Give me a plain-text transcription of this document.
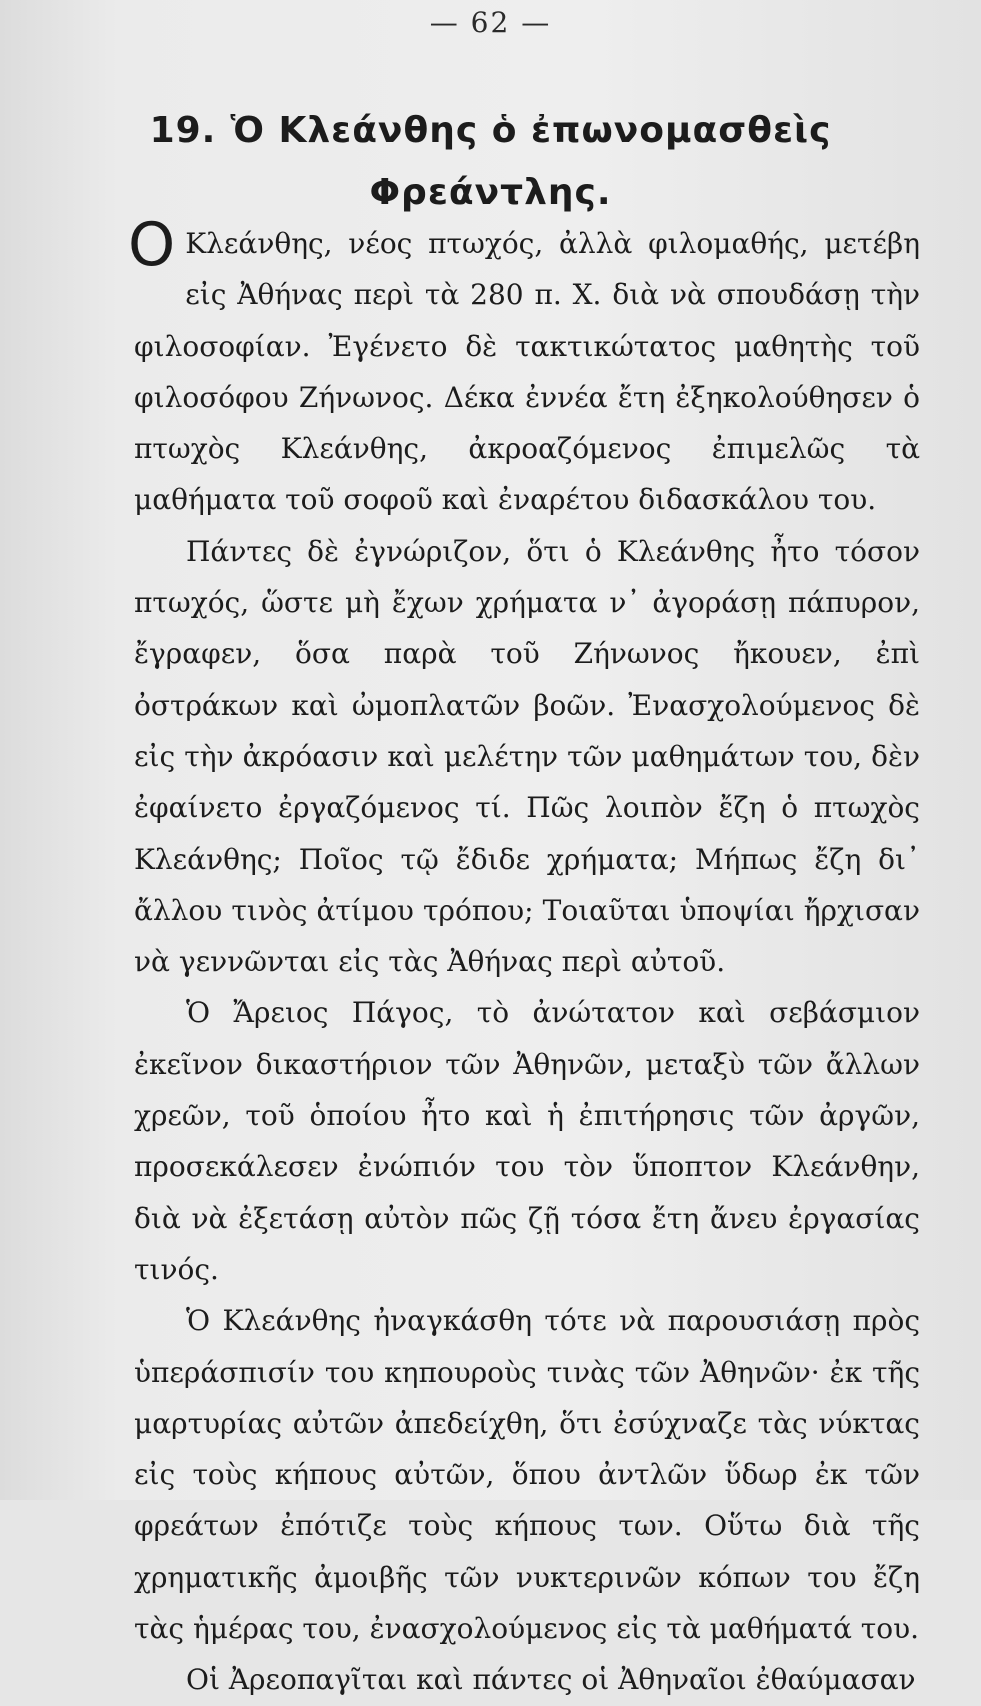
— 62 —
19. Ὁ Κλεάνθης ὁ ἐπωνομασθεὶς
Φρεάντλης.

Ο Κλεάνθης, νέος πτωχός, ἀλλὰ φιλομαθής, μετέβη εἰς Ἀθήνας περὶ τὰ 280 π. Χ. διὰ νὰ σπουδάσῃ τὴν φιλοσοφίαν. Ἐγένετο δὲ τακτικώτατος μαθητὴς τοῦ φιλοσόφου Ζήνωνος. Δέκα ἐννέα ἔτη ἐξηκολούθησεν ὁ πτωχὸς Κλεάνθης, ἀκροαζόμενος ἐπιμελῶς τὰ μαθήματα τοῦ σοφοῦ καὶ ἐναρέτου διδασκάλου του.

Πάντες δὲ ἐγνώριζον, ὅτι ὁ Κλεάνθης ἦτο τόσον πτωχός, ὥστε μὴ ἔχων χρήματα ν᾽ ἀγοράσῃ πάπυρον, ἔγραφεν, ὅσα παρὰ τοῦ Ζήνωνος ἤκουεν, ἐπὶ ὀστράκων καὶ ὠμοπλατῶν βοῶν. Ἐνασχολούμενος δὲ εἰς τὴν ἀκρόασιν καὶ μελέτην τῶν μαθημάτων του, δὲν ἐφαίνετο ἐργαζόμενος τί. Πῶς λοιπὸν ἔζη ὁ πτωχὸς Κλεάνθης; Ποῖος τῷ ἔδιδε χρήματα; Μήπως ἔζη δι᾽ ἄλλου τινὸς ἀτίμου τρόπου; Τοιαῦται ὑποψίαι ἤρχισαν νὰ γεννῶνται εἰς τὰς Ἀθήνας περὶ αὐτοῦ.

Ὁ Ἄρειος Πάγος, τὸ ἀνώτατον καὶ σεβάσμιον ἐκεῖνον δικαστήριον τῶν Ἀθηνῶν, μεταξὺ τῶν ἄλλων χρεῶν, τοῦ ὁποίου ἦτο καὶ ἡ ἐπιτήρησις τῶν ἀργῶν, προσεκάλεσεν ἐνώπιόν του τὸν ὕποπτον Κλεάνθην, διὰ νὰ ἐξετάσῃ αὐτὸν πῶς ζῇ τόσα ἔτη ἄνευ ἐργασίας τινός.

Ὁ Κλεάνθης ἠναγκάσθη τότε νὰ παρουσιάσῃ πρὸς ὑπεράσπισίν του κηπουροὺς τινὰς τῶν Ἀθηνῶν· ἐκ τῆς μαρτυρίας αὐτῶν ἀπεδείχθη, ὅτι ἐσύχναζε τὰς νύκτας εἰς τοὺς κήπους αὐτῶν, ὅπου ἀντλῶν ὕδωρ ἐκ τῶν φρεάτων ἐπότιζε τοὺς κήπους των. Οὕτω διὰ τῆς χρηματικῆς ἀμοιβῆς τῶν νυκτερινῶν κόπων του ἔζη τὰς ἡμέρας του, ἐνασχολούμενος εἰς τὰ μαθήματά του.

Οἱ Ἀρεοπαγῖται καὶ πάντες οἱ Ἀθηναῖοι ἐθαύμασαν
